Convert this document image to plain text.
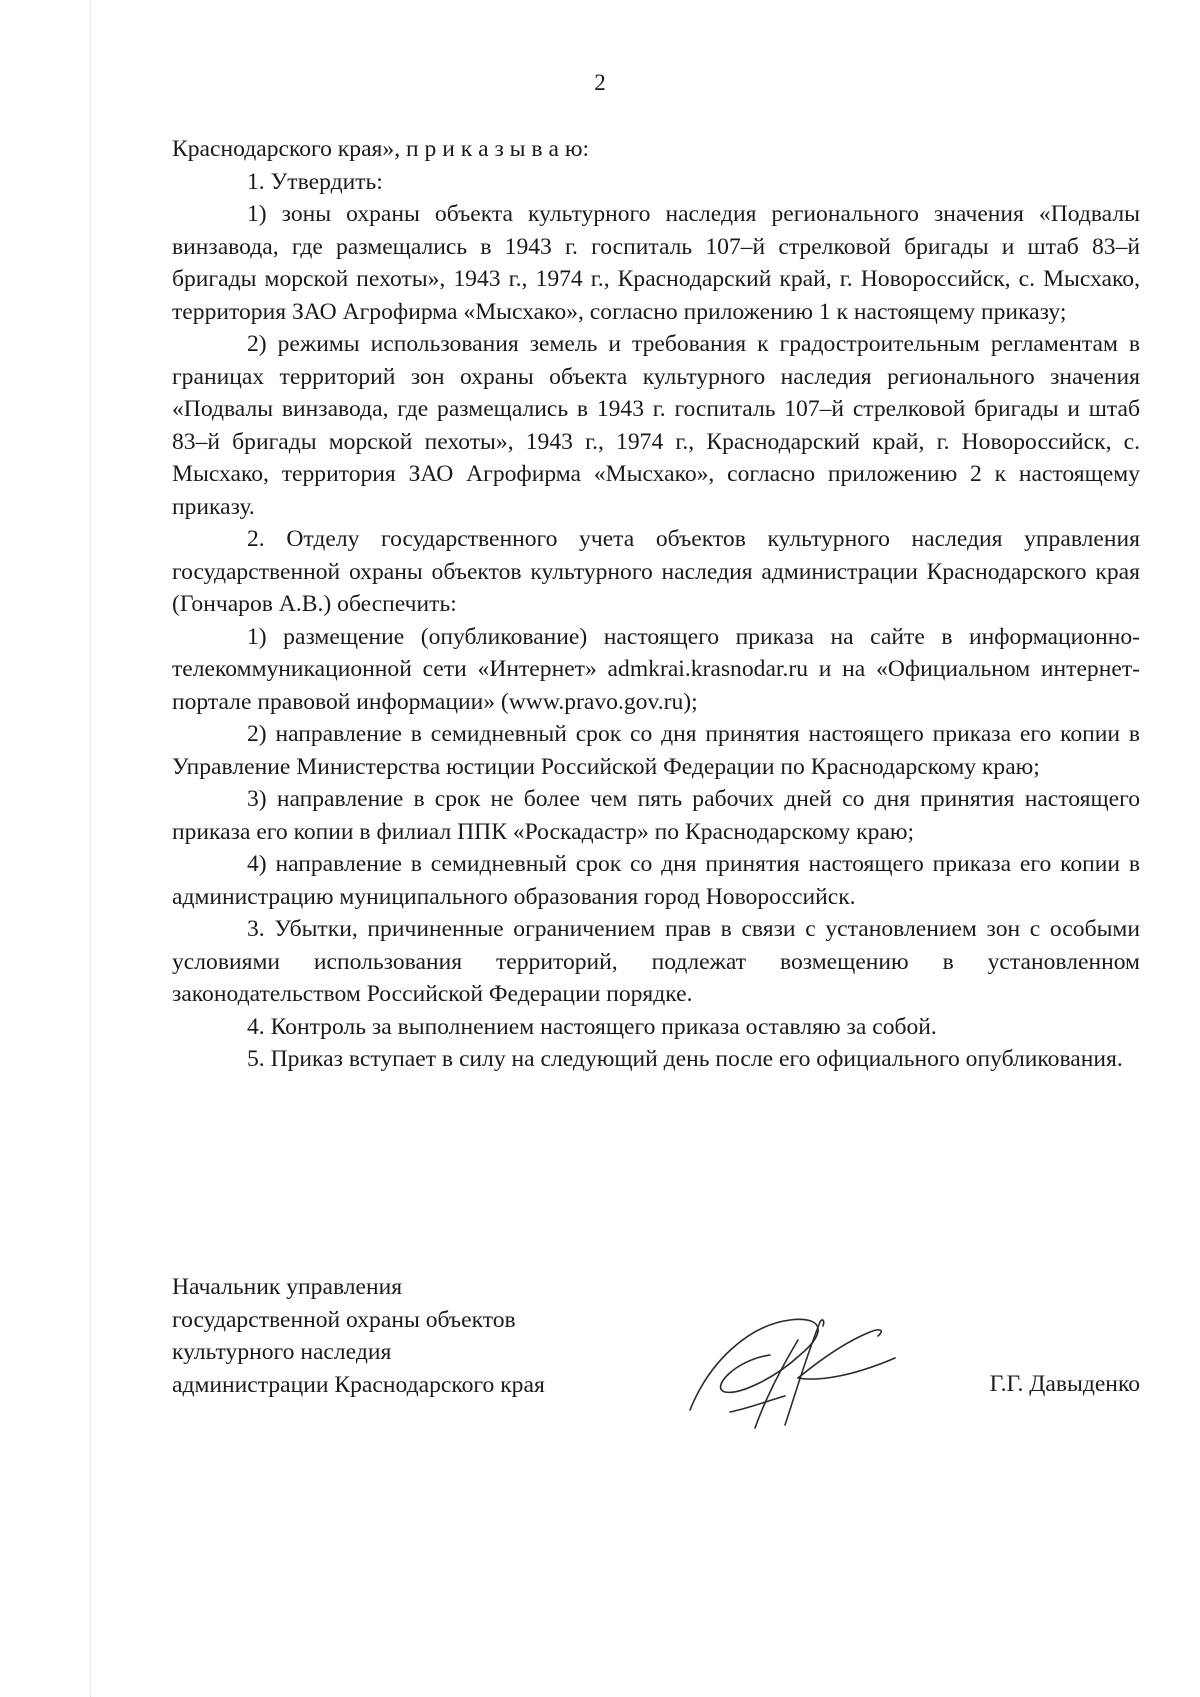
2

Краснодарского края», п р и к а з ы в а ю:

1. Утвердить:

1) зоны охраны объекта культурного наследия регионального значения «Подвалы винзавода, где размещались в 1943 г. госпиталь 107–й стрелковой бригады и штаб 83–й бригады морской пехоты», 1943 г., 1974 г., Краснодарский край, г. Новороссийск, с. Мысхако, территория ЗАО Агрофирма «Мысхако», согласно приложению 1 к настоящему приказу;

2) режимы использования земель и требования к градостроительным регламентам в границах территорий зон охраны объекта культурного наследия регионального значения «Подвалы винзавода, где размещались в 1943 г. госпиталь 107–й стрелковой бригады и штаб 83–й бригады морской пехоты», 1943 г., 1974 г., Краснодарский край, г. Новороссийск, с. Мысхако, территория ЗАО Агрофирма «Мысхако», согласно приложению 2 к настоящему приказу.

2. Отделу государственного учета объектов культурного наследия управления государственной охраны объектов культурного наследия администрации Краснодарского края (Гончаров А.В.) обеспечить:

1) размещение (опубликование) настоящего приказа на сайте в информационно-телекоммуникационной сети «Интернет» admkrai.krasnodar.ru и на «Официальном интернет-портале правовой информации» (www.pravo.gov.ru);

2) направление в семидневный срок со дня принятия настоящего приказа его копии в Управление Министерства юстиции Российской Федерации по Краснодарскому краю;

3) направление в срок не более чем пять рабочих дней со дня принятия настоящего приказа его копии в филиал ППК «Роскадастр» по Краснодарскому краю;

4) направление в семидневный срок со дня принятия настоящего приказа его копии в администрацию муниципального образования город Новороссийск.

3. Убытки, причиненные ограничением прав в связи с установлением зон с особыми условиями использования территорий, подлежат возмещению в установленном законодательством Российской Федерации порядке.

4. Контроль за выполнением настоящего приказа оставляю за собой.

5. Приказ вступает в силу на следующий день после его официального опубликования.

Начальник управления
государственной охраны объектов
культурного наследия
администрации Краснодарского края	Г.Г. Давыденко
